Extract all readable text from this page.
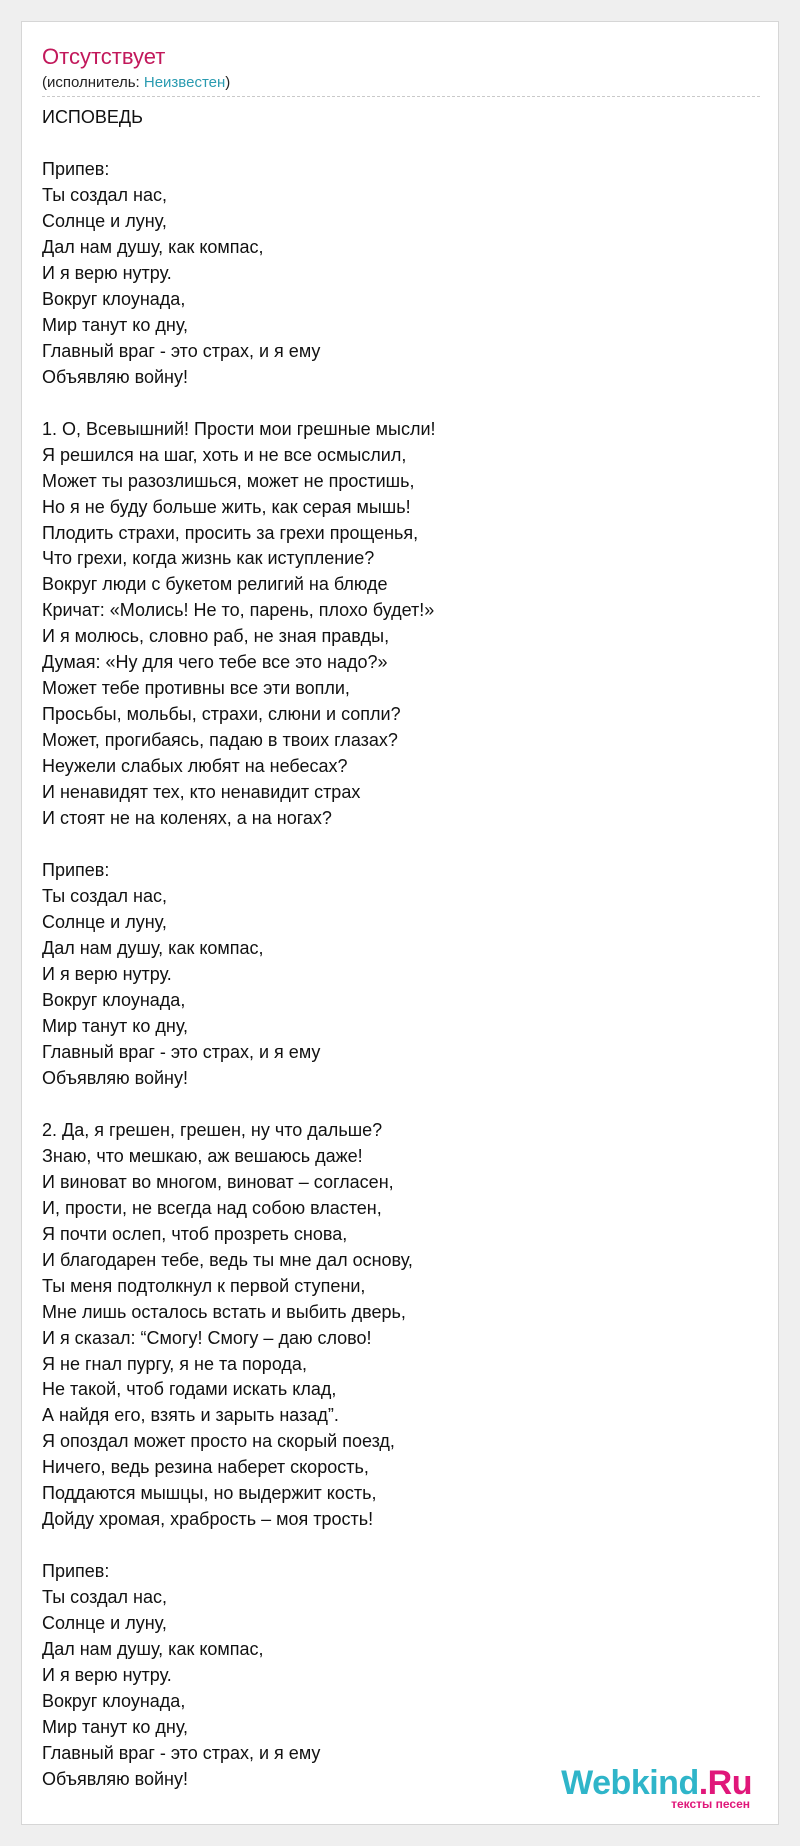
Отсутствует
(исполнитель: Неизвестен)
ИСПОВЕДЬ

Припев:
Ты создал нас,
Солнце и луну,
Дал нам душу, как компас,
И я верю нутру.
Вокруг клоунада,
Мир танут ко дну,
Главный враг - это страх, и я ему
Объявляю войну!

1. О, Всевышний! Прости мои грешные мысли!
Я решился на шаг, хоть и не все осмыслил,
Может ты разозлишься, может не простишь,
Но я не буду больше жить, как серая мышь!
Плодить страхи, просить за грехи прощенья,
Что грехи, когда жизнь как иступление?
Вокруг люди с букетом религий на блюде
Кричат: «Молись! Не то, парень, плохо будет!»
И я молюсь, словно раб, не зная правды,
Думая: «Ну для чего тебе все это надо?»
Может тебе противны все эти вопли,
Просьбы, мольбы, страхи, слюни и сопли?
Может, прогибаясь, падаю в твоих глазах?
Неужели слабых любят на небесах?
И ненавидят тех, кто ненавидит страх
И стоят не на коленях, а на ногах?

Припев:
Ты создал нас,
Солнце и луну,
Дал нам душу, как компас,
И я верю нутру.
Вокруг клоунада,
Мир танут ко дну,
Главный враг - это страх, и я ему
Объявляю войну!

2. Да, я грешен, грешен, ну что дальше?
Знаю, что мешкаю, аж вешаюсь даже!
И виноват во многом, виноват – согласен,
И, прости, не всегда над собою властен,
Я почти ослеп, чтоб прозреть снова,
И благодарен тебе, ведь ты мне дал основу,
Ты меня подтолкнул к первой ступени,
Мне лишь осталось встать и выбить дверь,
И я сказал: “Смогу! Смогу – даю слово!
Я не гнал пургу, я не та порода,
Не такой, чтоб годами искать клад,
А найдя его, взять и зарыть назад”.
Я опоздал может просто на скорый поезд,
Ничего, ведь резина наберет скорость,
Поддаются мышцы, но выдержит кость,
Дойду хромая, храбрость – моя трость!

Припев:
Ты создал нас,
Солнце и луну,
Дал нам душу, как компас,
И я верю нутру.
Вокруг клоунада,
Мир танут ко дну,
Главный враг - это страх, и я ему
Объявляю войну!	Webkind.Ru
тексты песен
